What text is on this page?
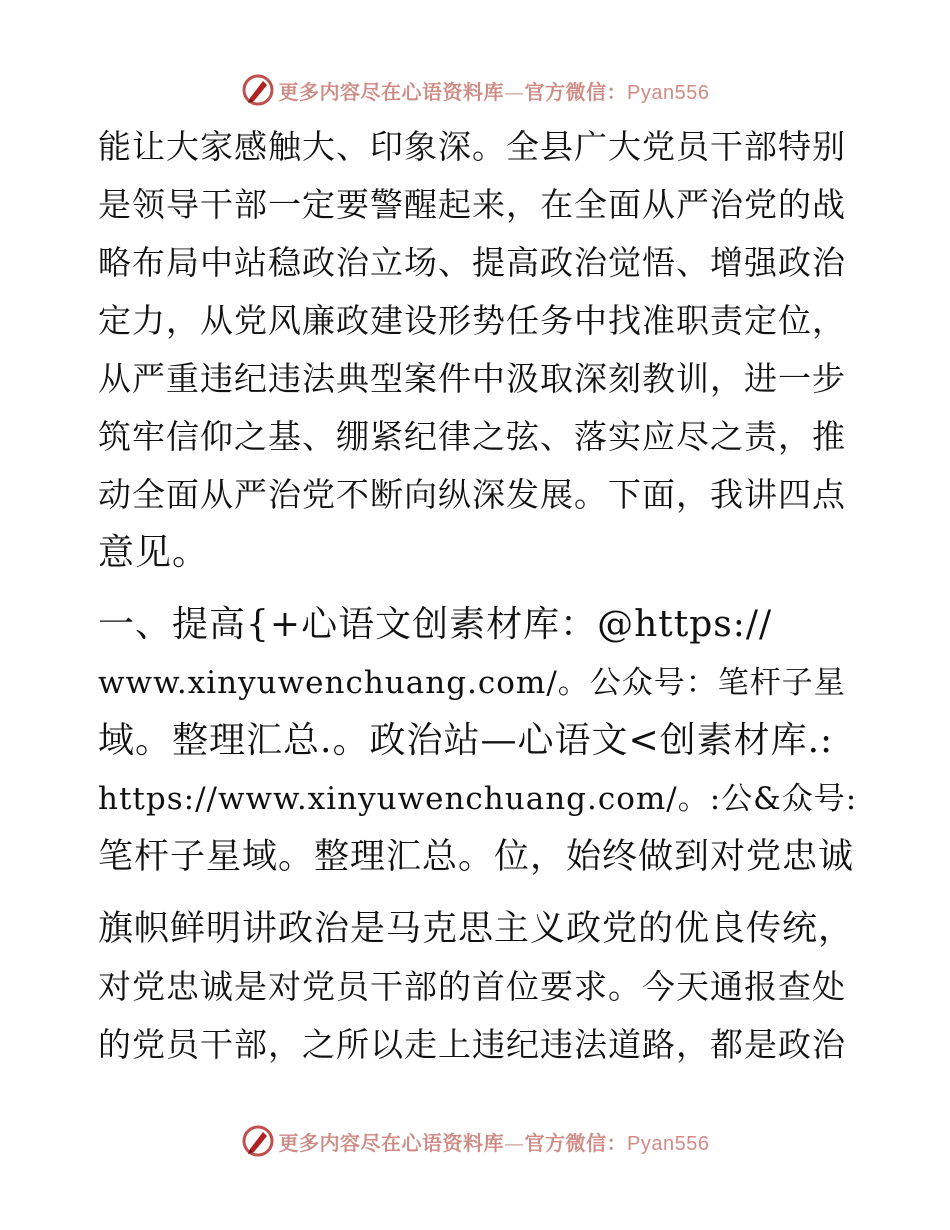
更多内容尽在心语资料库—官方微信：Pyan556

能让大家感触大、印象深。全县广大党员干部特别

是领导干部一定要警醒起来，在全面从严治党的战

略布局中站稳政治立场、提高政治觉悟、增强政治

定力，从党风廉政建设形势任务中找准职责定位，

从严重违纪违法典型案件中汲取深刻教训，进一步

筑牢信仰之基、绷紧纪律之弦、落实应尽之责，推

动全面从严治党不断向纵深发展。下面，我讲四点

意见。

一、提高{+心语文创素材库：@https://

www.xinyuwenchuang.com/。公众号：笔杆子星

域。整理汇总.。政治站—心语文<创素材库.:

https://www.xinyuwenchuang.com/。:公&众号:

笔杆子星域。整理汇总。位，始终做到对党忠诚

旗帜鲜明讲政治是马克思主义政党的优良传统，

对党忠诚是对党员干部的首位要求。今天通报查处

的党员干部，之所以走上违纪违法道路，都是政治

更多内容尽在心语资料库—官方微信：Pyan556
